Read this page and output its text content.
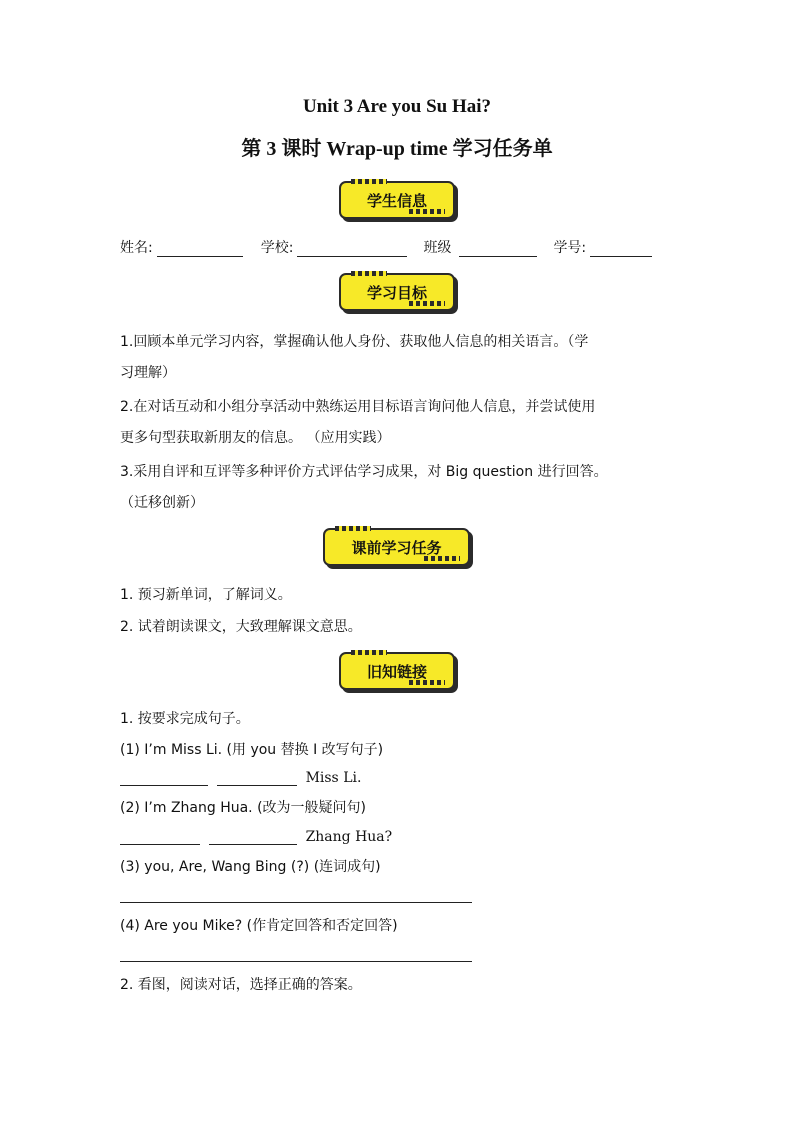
Unit 3 Are you Su Hai?
第 3 课时 Wrap-up time 学习任务单
学生信息
姓名:	学校:	班级	学号:
学习目标
1.回顾本单元学习内容，掌握确认他人身份、获取他人信息的相关语言。（学
习理解）
2.在对话互动和小组分享活动中熟练运用目标语言询问他人信息，并尝试使用
更多句型获取新朋友的信息。 （应用实践）
3.采用自评和互评等多种评价方式评估学习成果，对 Big question 进行回答。
（迁移创新）
课前学习任务
1. 预习新单词，了解词义。
2. 试着朗读课文，大致理解课文意思。
旧知链接
1. 按要求完成句子。
(1) I’m Miss Li. (用 you 替换 I 改写句子)
Miss Li.
(2) I’m Zhang Hua. (改为一般疑问句)
Zhang Hua?
(3) you, Are, Wang Bing (?) (连词成句)
(4) Are you Mike? (作肯定回答和否定回答)
2. 看图，阅读对话，选择正确的答案。
